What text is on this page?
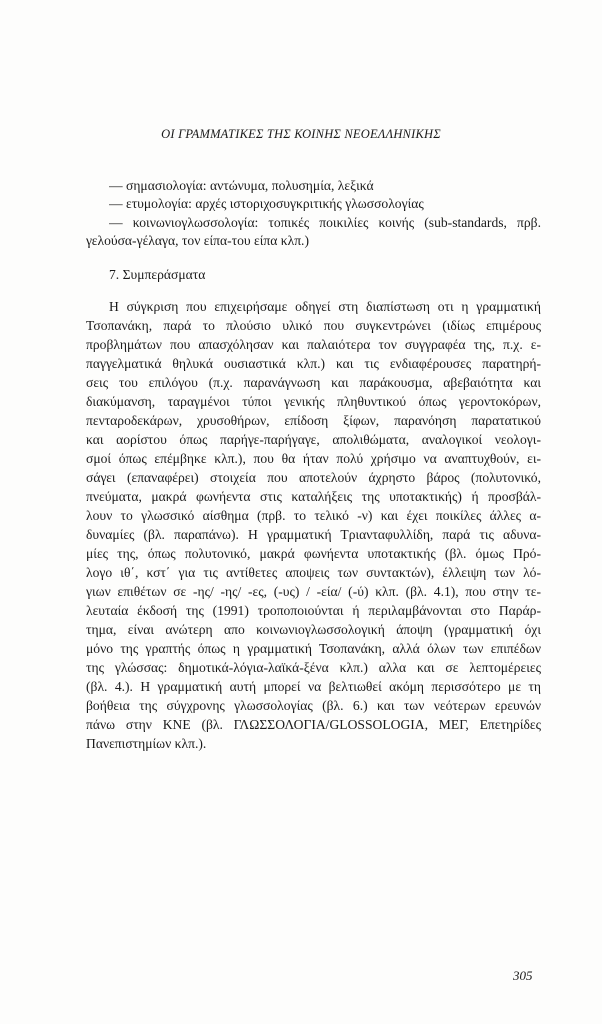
ΟΙ ΓΡΑΜΜΑΤΙΚΕΣ ΤΗΣ ΚΟΙΝΗΣ ΝΕΟΕΛΛΗΝΙΚΗΣ
— σημασιολογία: αντώνυμα, πολυσημία, λεξικά
— ετυμολογία: αρχές ιστοριχοσυγκριτικής γλωσσολογίας
— κοινωνιογλωσσολογία: τοπικές ποικιλίες κοινής (sub-standards, πρβ.
γελούσα-γέλαγα, τον είπα-του είπα κλπ.)
7. Συμπεράσματα
Η σύγκριση που επιχειρήσαμε οδηγεί στη διαπίστωση οτι η γραμματική
Τσοπανάκη, παρά το πλούσιο υλικό που συγκεντρώνει (ιδίως επιμέρους
προβλημάτων που απασχόλησαν και παλαιότερα τον συγγραφέα της, π.χ. ε-
παγγελματικά θηλυκά ουσιαστικά κλπ.) και τις ενδιαφέρουσες παρατηρή-
σεις του επιλόγου (π.χ. παρανάγνωση και παράκουσμα, αβεβαιότητα και
διακύμανση, ταραγμένοι τύποι γενικής πληθυντικού όπως γεροντοκόρων,
πενταροδεκάρων, χρυσοθήρων, επίδοση ξίφων, παρανόηση παρατατικού
και αορίστου όπως παρήγε-παρήγαγε, απολιθώματα, αναλογικοί νεολογι-
σμοί όπως επέμβηκε κλπ.), που θα ήταν πολύ χρήσιμο να αναπτυχθούν, ει-
σάγει (επαναφέρει) στοιχεία που αποτελούν άχρηστο βάρος (πολυτονικό,
πνεύματα, μακρά φωνήεντα στις καταλήξεις της υποτακτικής) ή προσβάλ-
λουν το γλωσσικό αίσθημα (πρβ. το τελικό -ν) και έχει ποικίλες άλλες α-
δυναμίες (βλ. παραπάνω). Η γραμματική Τριανταφυλλίδη, παρά τις αδυνα-
μίες της, όπως πολυτονικό, μακρά φωνήεντα υποτακτικής (βλ. όμως Πρό-
λογο ιθ΄, κστ΄ για τις αντίθετες αποψεις των συντακτών), έλλειψη των λό-
γιων επιθέτων σε -ης/ -ης/ -ες, (-υς) / -εία/ (-ύ) κλπ. (βλ. 4.1), που στην τε-
λευταία έκδοσή της (1991) τροποποιούνται ή περιλαμβάνονται στο Παράρ-
τημα, είναι ανώτερη απο κοινωνιογλωσσολογική άποψη (γραμματική όχι
μόνο της γραπτής όπως η γραμματική Τσοπανάκη, αλλά όλων των επιπέδων
της γλώσσας: δημοτικά-λόγια-λαϊκά-ξένα κλπ.) αλλα και σε λεπτομέρειες
(βλ. 4.). Η γραμματική αυτή μπορεί να βελτιωθεί ακόμη περισσότερο με τη
βοήθεια της σύγχρονης γλωσσολογίας (βλ. 6.) και των νεότερων ερευνών
πάνω στην ΚΝΕ (βλ. ΓΛΩΣΣΟΛΟΓΙΑ/GLOSSOLOGIA, ΜΕΓ, Επετηρίδες
Πανεπιστημίων κλπ.).
305
